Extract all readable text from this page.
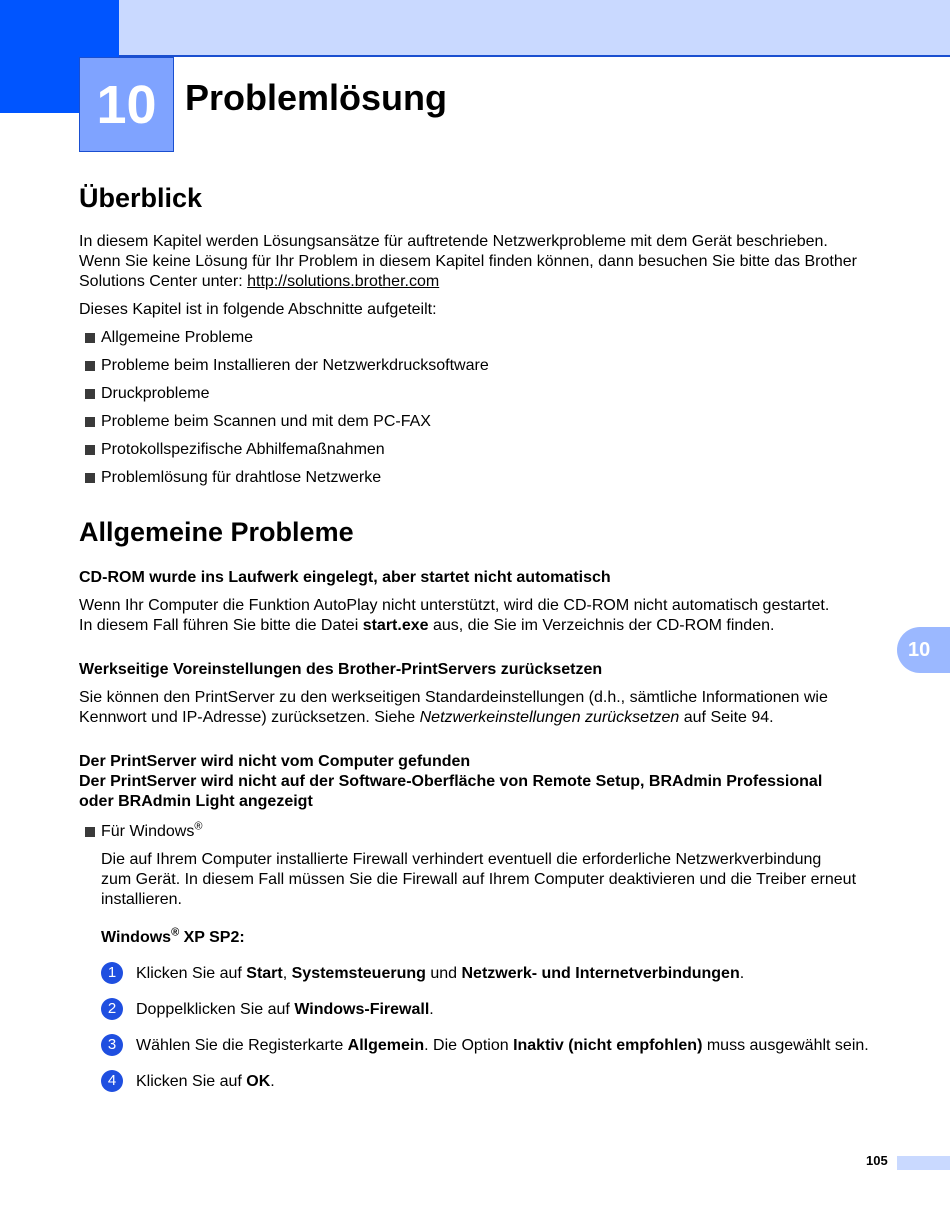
10 Problemlösung
10
Überblick

In diesem Kapitel werden Lösungsansätze für auftretende Netzwerkprobleme mit dem Gerät beschrieben.

Wenn Sie keine Lösung für Ihr Problem in diesem Kapitel finden können, dann besuchen Sie bitte das Brother

Solutions Center unter: http://solutions.brother.com

Dieses Kapitel ist in folgende Abschnitte aufgeteilt:

Allgemeine Probleme
Probleme beim Installieren der Netzwerkdrucksoftware
Druckprobleme
Probleme beim Scannen und mit dem PC-FAX
Protokollspezifische Abhilfemaßnahmen
Problemlösung für drahtlose Netzwerke
Allgemeine Probleme
CD-ROM wurde ins Laufwerk eingelegt, aber startet nicht automatisch

Wenn Ihr Computer die Funktion AutoPlay nicht unterstützt, wird die CD-ROM nicht automatisch gestartet.

In diesem Fall führen Sie bitte die Datei start.exe aus, die Sie im Verzeichnis der CD-ROM finden.

Werkseitige Voreinstellungen des Brother-PrintServers zurücksetzen

Sie können den PrintServer zu den werkseitigen Standardeinstellungen (d.h., sämtliche Informationen wie

Kennwort und IP-Adresse) zurücksetzen. Siehe Netzwerkeinstellungen zurücksetzen auf Seite 94.

Der PrintServer wird nicht vom Computer gefunden
Der PrintServer wird nicht auf der Software-Oberfläche von Remote Setup, BRAdmin Professional
oder BRAdmin Light angezeigt
Für Windows®

Die auf Ihrem Computer installierte Firewall verhindert eventuell die erforderliche Netzwerkverbindung

zum Gerät. In diesem Fall müssen Sie die Firewall auf Ihrem Computer deaktivieren und die Treiber erneut

installieren.

Windows® XP SP2:

1	Klicken Sie auf Start, Systemsteuerung und Netzwerk- und Internetverbindungen.
2	Doppelklicken Sie auf Windows-Firewall.
3	Wählen Sie die Registerkarte Allgemein. Die Option Inaktiv (nicht empfohlen) muss ausgewählt sein.
4	Klicken Sie auf OK.
105
